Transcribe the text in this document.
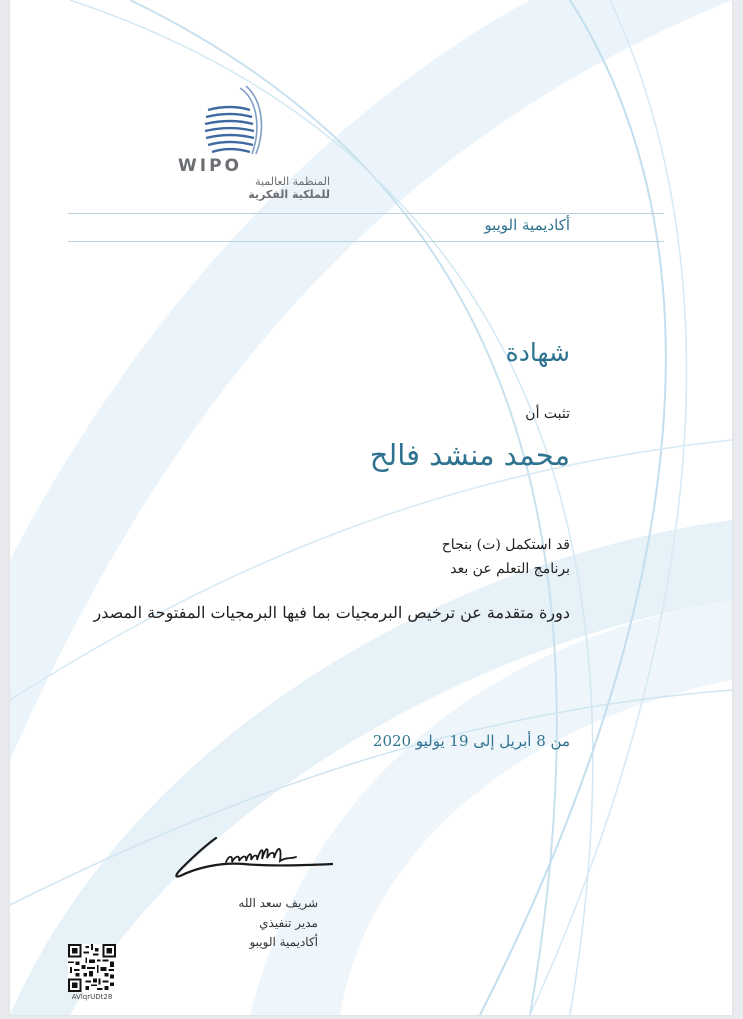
WIPO
المنظمة العالمية
للملكية الفكرية
أكاديمية الويبو
شهادة
تثبت أن
محمد منشد فالح
قد استكمل (ت) بنجاح
برنامج التعلم عن بعد
دورة متقدمة عن ترخيص البرمجيات بما فيها البرمجيات المفتوحة المصدر
من 8 أبريل إلى 19 يوليو 2020
شريف سعد الله
مدير تنفيذي
أكاديمية الويبو
AVlqrUDt28
